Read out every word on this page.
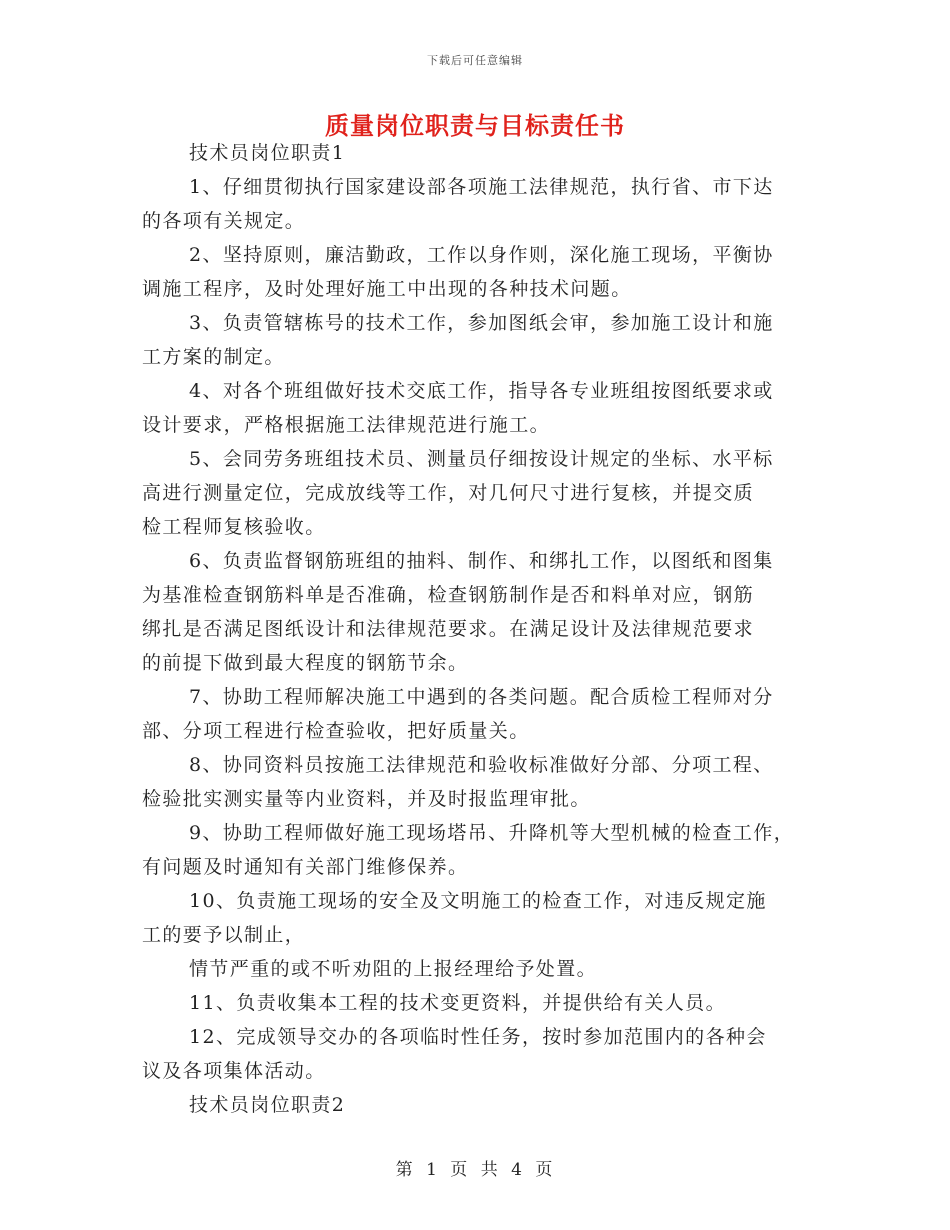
下载后可任意编辑
质量岗位职责与目标责任书
技术员岗位职责1
1、仔细贯彻执行国家建设部各项施工法律规范，执行省、市下达
的各项有关规定。
2、坚持原则，廉洁勤政，工作以身作则，深化施工现场，平衡协
调施工程序，及时处理好施工中出现的各种技术问题。
3、负责管辖栋号的技术工作，参加图纸会审，参加施工设计和施
工方案的制定。
4、对各个班组做好技术交底工作，指导各专业班组按图纸要求或
设计要求，严格根据施工法律规范进行施工。
5、会同劳务班组技术员、测量员仔细按设计规定的坐标、水平标
高进行测量定位，完成放线等工作，对几何尺寸进行复核，并提交质
检工程师复核验收。
6、负责监督钢筋班组的抽料、制作、和绑扎工作，以图纸和图集
为基准检查钢筋料单是否准确，检查钢筋制作是否和料单对应，钢筋
绑扎是否满足图纸设计和法律规范要求。在满足设计及法律规范要求
的前提下做到最大程度的钢筋节余。
7、协助工程师解决施工中遇到的各类问题。配合质检工程师对分
部、分项工程进行检查验收，把好质量关。
8、协同资料员按施工法律规范和验收标准做好分部、分项工程、
检验批实测实量等内业资料，并及时报监理审批。
9、协助工程师做好施工现场塔吊、升降机等大型机械的检查工作，
有问题及时通知有关部门维修保养。
10、负责施工现场的安全及文明施工的检查工作，对违反规定施
工的要予以制止，
情节严重的或不听劝阻的上报经理给予处置。
11、负责收集本工程的技术变更资料，并提供给有关人员。
12、完成领导交办的各项临时性任务，按时参加范围内的各种会
议及各项集体活动。
技术员岗位职责2
第 1 页 共 4 页
